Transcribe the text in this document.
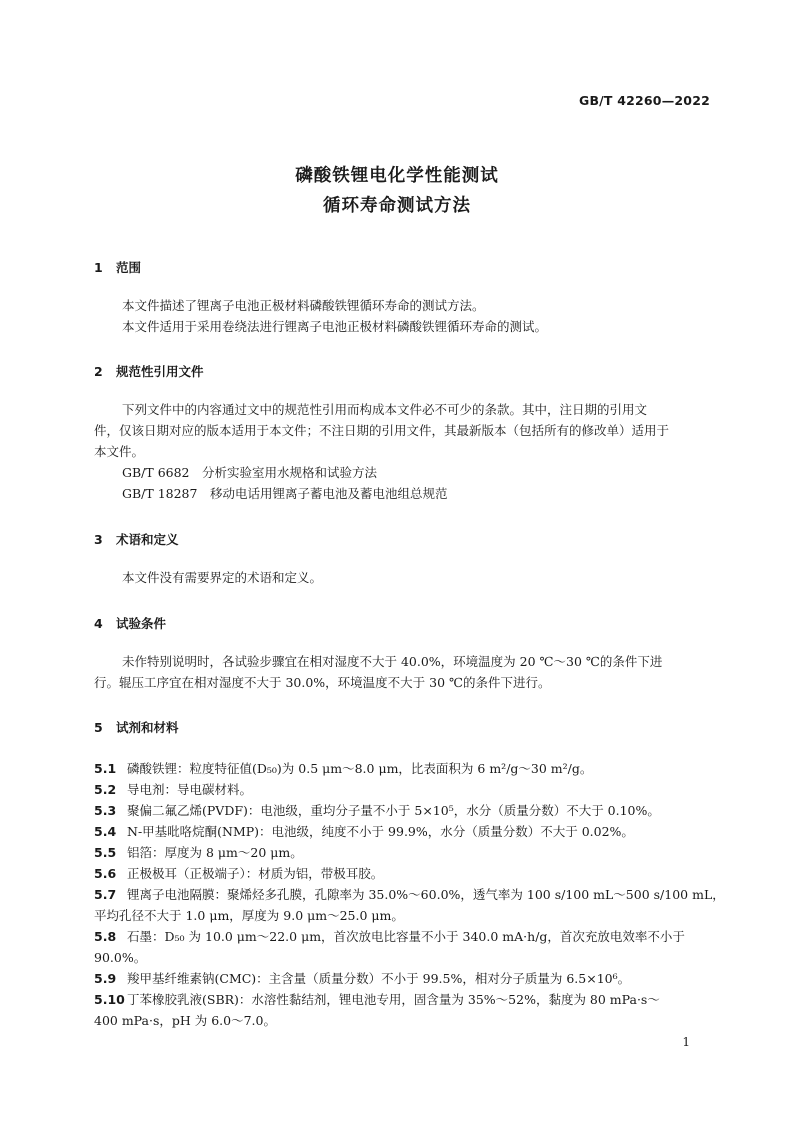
GB/T 42260—2022
磷酸铁锂电化学性能测试
循环寿命测试方法
1 范围
本文件描述了锂离子电池正极材料磷酸铁锂循环寿命的测试方法。
本文件适用于采用卷绕法进行锂离子电池正极材料磷酸铁锂循环寿命的测试。
2 规范性引用文件
下列文件中的内容通过文中的规范性引用而构成本文件必不可少的条款。其中，注日期的引用文
件，仅该日期对应的版本适用于本文件；不注日期的引用文件，其最新版本（包括所有的修改单）适用于
本文件。
GB/T 6682　分析实验室用水规格和试验方法
GB/T 18287　移动电话用锂离子蓄电池及蓄电池组总规范
3 术语和定义
本文件没有需要界定的术语和定义。
4 试验条件
未作特别说明时，各试验步骤宜在相对湿度不大于 40.0%，环境温度为 20 ℃～30 ℃的条件下进
行。辊压工序宜在相对湿度不大于 30.0%，环境温度不大于 30 ℃的条件下进行。
5 试剂和材料
5.1 磷酸铁锂：粒度特征值(D₅₀)为 0.5 μm～8.0 μm，比表面积为 6 m²/g～30 m²/g。
5.2 导电剂：导电碳材料。
5.3 聚偏二氟乙烯(PVDF)：电池级，重均分子量不小于 5×10⁵，水分（质量分数）不大于 0.10%。
5.4 N-甲基吡咯烷酮(NMP)：电池级，纯度不小于 99.9%，水分（质量分数）不大于 0.02%。
5.5 铝箔：厚度为 8 μm～20 μm。
5.6 正极极耳（正极端子）：材质为铝，带极耳胶。
5.7 锂离子电池隔膜：聚烯烃多孔膜，孔隙率为 35.0%～60.0%，透气率为 100 s/100 mL～500 s/100 mL，
平均孔径不大于 1.0 μm，厚度为 9.0 μm～25.0 μm。
5.8 石墨：D₅₀ 为 10.0 μm～22.0 μm，首次放电比容量不小于 340.0 mA·h/g，首次充放电效率不小于
90.0%。
5.9 羧甲基纤维素钠(CMC)：主含量（质量分数）不小于 99.5%，相对分子质量为 6.5×10⁶。
5.10 丁苯橡胶乳液(SBR)：水溶性黏结剂，锂电池专用，固含量为 35%～52%，黏度为 80 mPa·s～
400 mPa·s，pH 为 6.0～7.0。
1
